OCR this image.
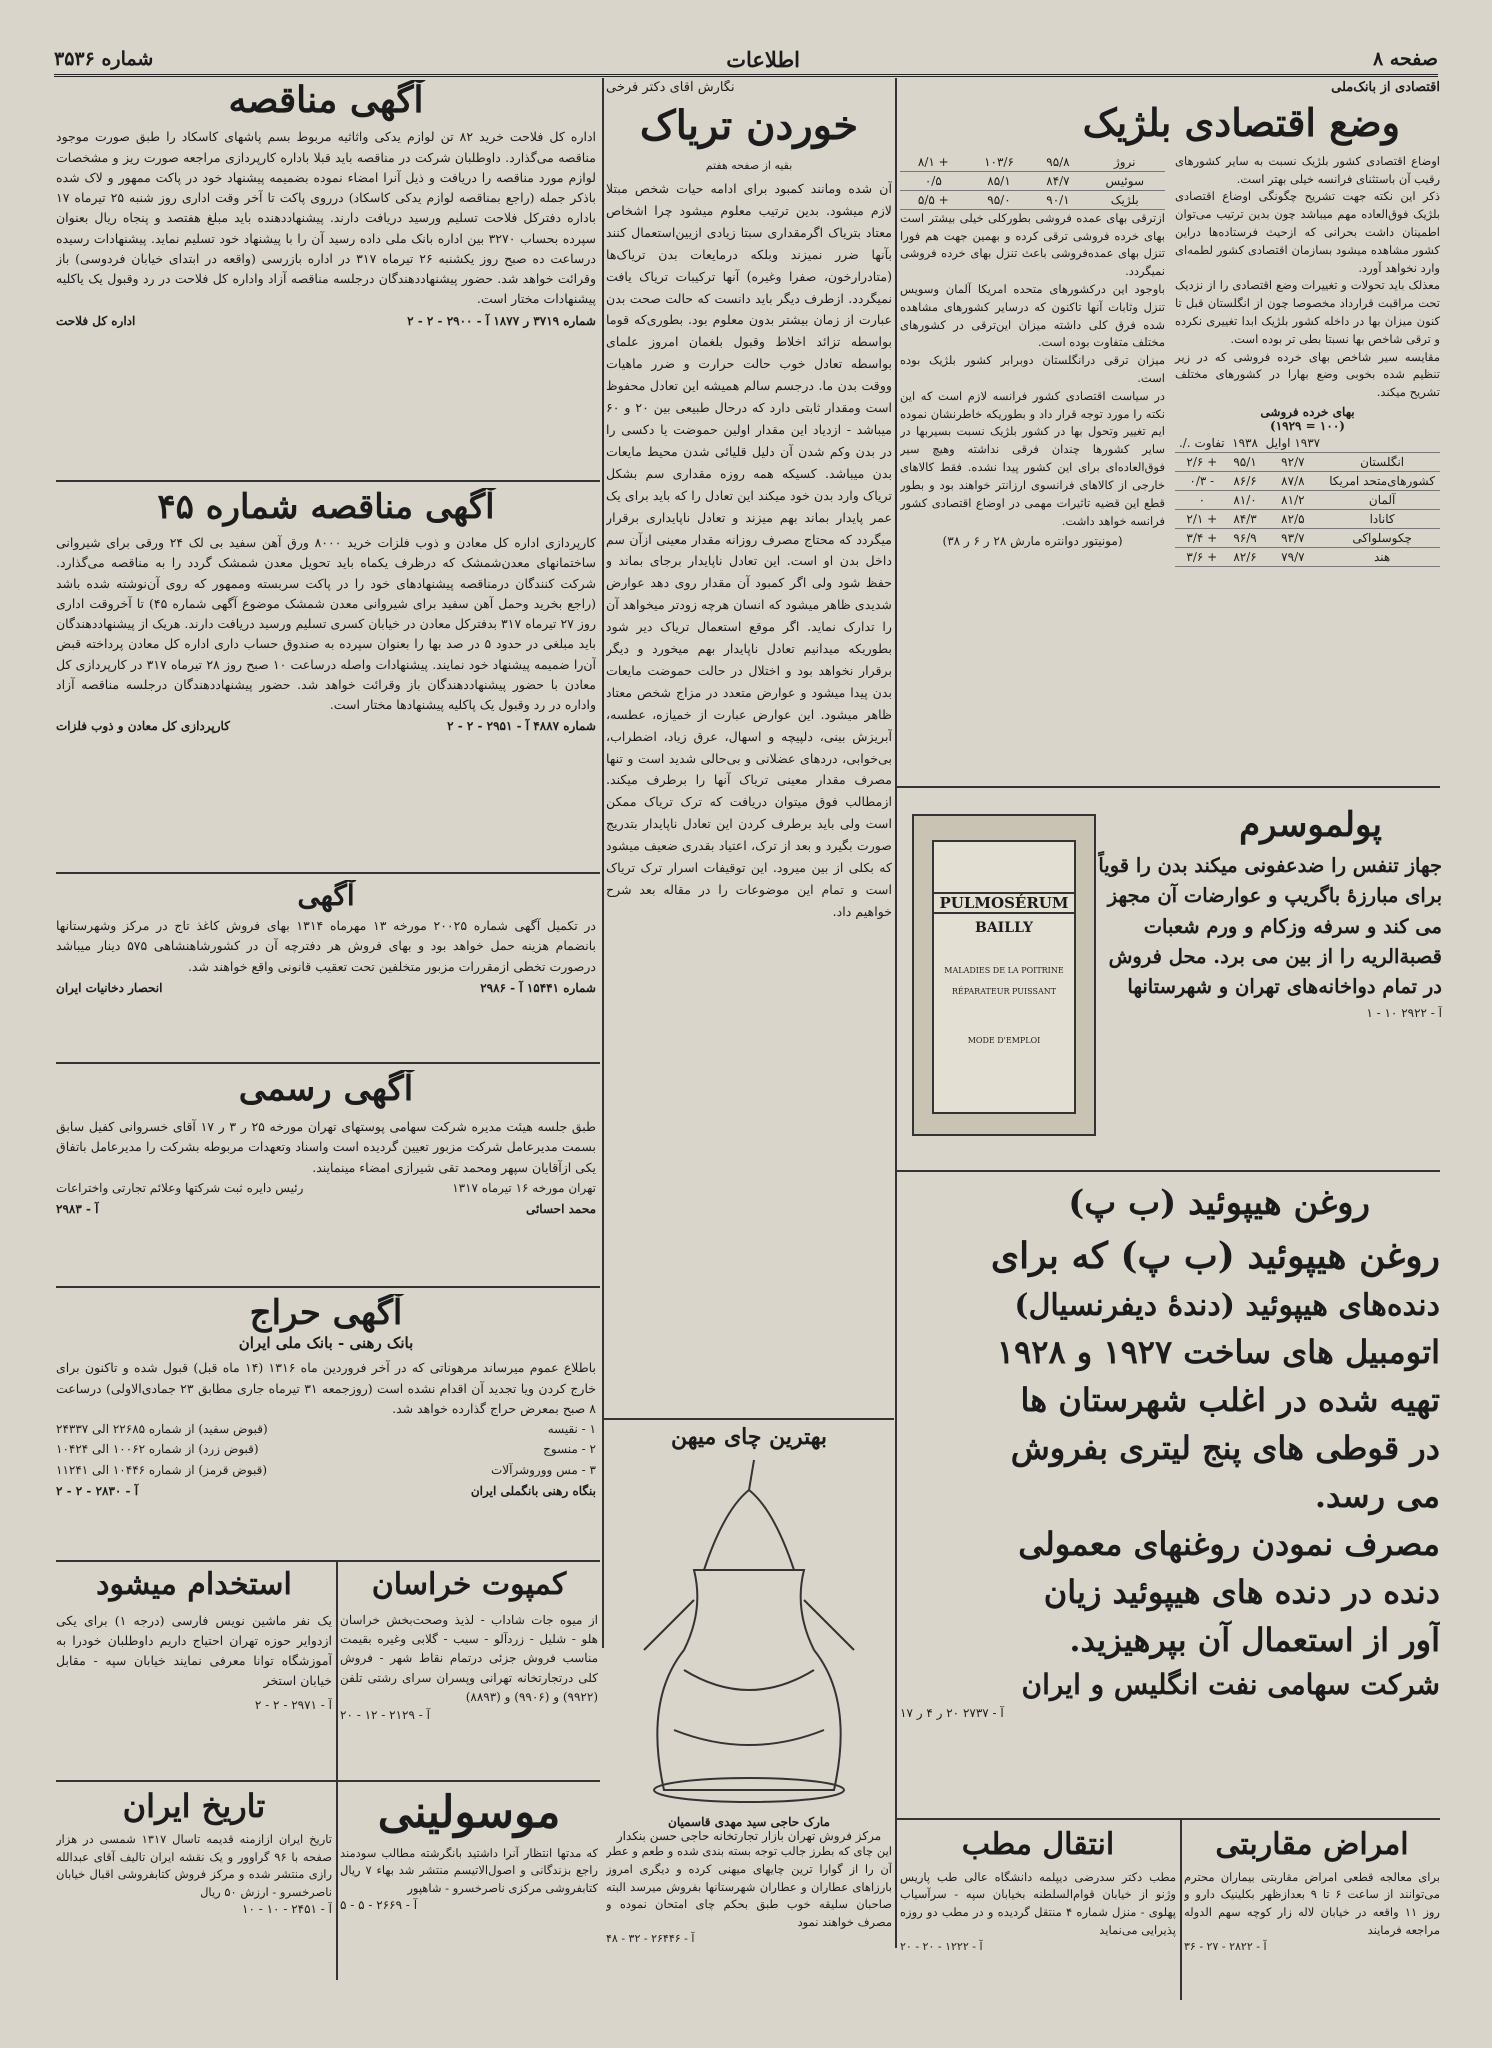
صفحه ۸
اطلاعات
شماره ۳۵۳۶
اقتصادی از بانک‌ملی
وضع اقتصادی بلژیک

اوضاع اقتصادی کشور بلژیک نسبت به سایر کشورهای رقیب آن باستثنای فرانسه خیلی بهتر است.

ذکر این نکته جهت تشریح چگونگی اوضاع اقتصادی بلژیک فوق‌العاده مهم میباشد چون بدین ترتیب می‌توان اطمینان داشت بحرانی که ازحیث فرستاده‌ها دراین کشور مشاهده میشود بسازمان اقتصادی کشور لطمه‌ای وارد نخواهد آورد.

معذلک باید تحولات و تغییرات وضع اقتصادی را از نزدیک تحت مراقبت قرارداد مخصوصا چون از انگلستان قبل تا کنون میزان بها در داخله کشور بلژیک ابدا تغییری نکرده و ترقی شاخص بها نسبتا بطی تر بوده است.

مقایسه سیر شاخص بهای خرده فروشی که در زیر تنظیم شده بخوبی وضع بهارا در کشورهای مختلف تشریح میکند.

بهای خرده فروشی
(۱۰۰ = ۱۹۲۹)
	۱۹۳۷ اوایل	۱۹۳۸	تفاوت ./.
انگلستان	۹۲/۷	۹۵/۱	+ ۲/۶
کشورهای‌متحد امریکا	۸۷/۸	۸۶/۶	- ۰/۳
آلمان	۸۱/۲	۸۱/۰	۰
کانادا	۸۲/۵	۸۴/۳	+ ۲/۱
چکوسلواکی	۹۳/۷	۹۶/۹	+ ۳/۴
هند	۷۹/۷	۸۲/۶	+ ۳/۶
نروژ	۹۵/۸	۱۰۳/۶	+ ۸/۱
سوئیس	۸۴/۷	۸۵/۱	۰/۵
بلژیک	۹۰/۱	۹۵/۰	+ ۵/۵

ازترقی بهای عمده فروشی بطورکلی خیلی بیشتر است بهای خرده فروشی ترقی کرده و بهمین جهت هم فورا تنزل بهای عمده‌فروشی باعث تنزل بهای خرده فروشی نمیگردد.

باوجود این درکشورهای متحده امریکا آلمان وسویس تنزل وثابات آنها تاکنون که درسایر کشورهای مشاهده شده فرق کلی داشته میزان این‌ترقی در کشورهای مختلف متفاوت بوده است.

میزان ترقی درانگلستان دوبرابر کشور بلژیک بوده است.

در سیاست اقتصادی کشور فرانسه لازم است که این نکته را مورد توجه قرار داد و بطوریکه خاطرنشان نموده ایم تغییر وتحول بها در کشور بلژیک نسبت بسیربها در سایر کشورها چندان فرقی نداشته وهیچ سیر فوق‌العاده‌ای برای این کشور پیدا نشده. فقط کالاهای خارجی از کالاهای فرانسوی ارزانتر خواهند بود و بطور قطع این قضیه تاثیرات مهمی در اوضاع اقتصادی کشور فرانسه خواهد داشت.

(مونیتور دوانتره مارش ۲۸ ر ۶ ر ۳۸)
پولموسرم

جهاز تنفس را ضدعفونی میکند بدن را قویاً برای مبارزهٔ باگریپ و عوارضات آن مجهز می کند و سرفه وزکام و ورم شعبات قصبة‌الریه را از بین می برد. محل فروش در تمام دواخانه‌های تهران و شهرستانها

آ - ۲۹۲۲ ۱۰ - ۱
PULMOSÉRUM
BAILLY
MALADIES DE LA POITRINE
RÉPARATEUR PUISSANT
MODE D'EMPLOI

روغن هیپوئید (ب پ)

روغن هیپوئید (ب پ) که برای

دنده‌های هیپوئید (دندهٔ دیفرنسیال)

اتومبیل های ساخت ۱۹۲۷ و ۱۹۲۸

تهیه شده در اغلب شهرستان ها

در قوطی های پنج لیتری بفروش

می رسد.

مصرف نمودن روغنهای معمولی

دنده در دنده های هیپوئید زیان

آور از استعمال آن بپرهیزید.

شرکت سهامی نفت انگلیس و ایران

آ - ۲۷۳۷ ۲۰ ر ۴ ر ۱۷
امراض مقاربتی

برای معالجه قطعی امراض مقاربتی بیماران محترم می‌توانند از ساعت ۶ تا ۹ بعدازظهر بکلینیک دارو و روز ۱۱ واقعه در خیابان لاله زار کوچه سهم الدوله مراجعه فرمایند

آ - ۲۸۲۲ - ۲۷ - ۳۶
انتقال مطب

مطب دکتر سدرضی دیپلمه دانشگاه عالی طب پاریس وژنو از خیابان قوام‌السلطنه بخیابان سپه - سرآسیاب پهلوی - منزل شماره ۴ منتقل گردیده و در مطب دو روزه پذیرایی می‌نماید

آ - ۱۲۲۲ - ۲۰ - ۲۰
نگارش آقای دکتر فرخی
خوردن تریاک
بقیه از صفحه هفتم

آن شده ومانند کمبود برای ادامه حیات شخص مبتلا لازم میشود. بدین ترتیب معلوم میشود چرا اشخاص معتاد بتریاک اگرمقداری سبتا زیادی ازیین‌استعمال کنند بآنها ضرر نمیزند وبلکه درمایعات بدن تریاک‌ها (متادرارخون، صفرا وغیره) آنها ترکیبات تریاک یافت نمیگردد. ازطرف دیگر باید دانست که حالت صحت بدن عبارت از زمان بیشتر بدون معلوم بود. بطوری‌که قوما بواسطه تزائد اخلاط وقبول بلغمان امروز علمای بواسطه تعادل خوب حالت حرارت و ضرر ماهیات ووقت بدن ما. درجسم سالم همیشه این تعادل محفوظ است ومقدار ثابتی دارد که درحال طبیعی بین ۲۰ و ۶۰ میباشد - ازدیاد این مقدار اولین حموضت یا دکسی را در بدن وکم شدن آن دلیل قلیائی شدن محیط مایعات بدن میباشد. کسیکه همه روزه مقداری سم بشکل تریاک وارد بدن خود میکند این تعادل را که باید برای یک عمر پایدار بماند بهم میزند و تعادل ناپایداری برقرار میگردد که محتاج مصرف روزانه مقدار معینی ازآن سم داخل بدن او است. این تعادل ناپایدار برجای بماند و حفظ شود ولی اگر کمبود آن مقدار روی دهد عوارض شدیدی ظاهر میشود که انسان هرچه زودتر میخواهد آن را تدارک نماید. اگر موقع استعمال تریاک دیر شود بطوریکه میدانیم تعادل ناپایدار بهم میخورد و دیگر برقرار نخواهد بود و اختلال در حالت حموضت مایعات بدن پیدا میشود و عوارض متعدد در مزاج شخص معتاد ظاهر میشود. این عوارض عبارت از خمیازه، عطسه، آبریزش بینی، دلپیچه و اسهال، عرق زیاد، اضطراب، بی‌خوابی، دردهای عضلانی و بی‌حالی شدید است و تنها مصرف مقدار معینی تریاک آنها را برطرف میکند. ازمطالب فوق میتوان دریافت که ترک تریاک ممکن است ولی باید برطرف کردن این تعادل ناپایدار بتدریج صورت بگیرد و بعد از ترک، اعتیاد بقدری ضعیف میشود که بکلی از بین میرود. این توقیفات اسرار ترک تریاک است و تمام این موضوعات را در مقاله بعد شرح خواهیم داد.

بهترین چای میهن
مارک حاجی سید مهدی قاسمیان
مرکز فروش تهران بازار تجارتخانه حاجی حسن بنکدار

این چای که بطرز جالب توجه بسته بندی شده و طعم و عطر آن را از گوارا ترین چایهای میهنی کرده و دیگری امروز بارزاهای عطاران و عطاران شهرستانها بفروش میرسد البته صاحبان سلیقه خوب طبق بحکم چای امتحان نموده و مصرف خواهند نمود

آ - ۲۶۴۴۶ - ۳۲ - ۴۸
آگهی مناقصه

اداره کل فلاحت خرید ۸۲ تن لوازم یدکی واثاثیه مربوط بسم پاشهای کاسکاد را طبق صورت موجود مناقصه می‌گذارد. داوطلبان شرکت در مناقصه باید قبلا باداره کارپردازی مراجعه صورت ریز و مشخصات لوازم مورد مناقصه را دریافت و ذیل آنرا امضاء نموده بضمیمه پیشنهاد خود در پاکت ممهور و لاک شده باذکر جمله (راجع بمناقصه لوازم یدکی کاسکاد) درروی پاکت تا آخر وقت اداری روز شنبه ۲۵ تیرماه ۱۷ باداره دفترکل فلاحت تسلیم ورسید دریافت دارند. پیشنهاددهنده باید مبلغ هفتصد و پنجاه ریال بعنوان سپرده بحساب ۳۲۷۰ بین اداره بانک ملی داده رسید آن را با پیشنهاد خود تسلیم نماید. پیشنهادات رسیده درساعت ده صبح روز یکشنبه ۲۶ تیرماه ۳۱۷ در اداره بازرسی (واقعه در ابتدای خیابان فردوسی) باز وقرائت خواهد شد. حضور پیشنهاددهندگان درجلسه مناقصه آزاد واداره کل فلاحت در رد وقبول یک یاکلیه پیشنهادات مختار است.

شماره ۳۷۱۹ ر ۱۸۷۷ آ - ۲۹۰۰ - ۲ - ۲
اداره کل فلاحت
آگهی مناقصه شماره ۴۵

کارپردازی اداره کل معادن و ذوب فلزات خرید ۸۰۰۰ ورق آهن سفید بی لک ۲۴ ورقی برای شیروانی ساختمانهای معدن‌شمشک که درظرف یکماه باید تحویل معدن شمشک گردد را به مناقصه می‌گذارد. شرکت کنندگان درمناقصه پیشنهادهای خود را در پاکت سربسته وممهور که روی آن‌نوشته شده باشد (راجع بخرید وحمل آهن سفید برای شیروانی معدن شمشک موضوع آگهی شماره ۴۵) تا آخروقت اداری روز ۲۷ تیرماه ۳۱۷ بدفترکل معادن در خیابان کسری تسلیم ورسید دریافت دارند. هریک از پیشنهاددهندگان باید مبلغی در حدود ۵ در صد بها را بعنوان سپرده به صندوق حساب داری اداره کل معادن پرداخته قبض آن‌را ضمیمه پیشنهاد خود نمایند. پیشنهادات واصله درساعت ۱۰ صبح روز ۲۸ تیرماه ۳۱۷ در کارپردازی کل معادن با حضور پیشنهاددهندگان باز وقرائت خواهد شد. حضور پیشنهاددهندگان درجلسه مناقصه آزاد واداره در رد وقبول یک پاکلیه پیشنهادها مختار است.

شماره ۴۸۸۷ آ - ۲۹۵۱ - ۲ - ۲
کارپردازی کل معادن و ذوب فلزات
آگهی

در تکمیل آگهی شماره ۲۰۰۲۵ مورخه ۱۳ مهرماه ۱۳۱۴ بهای فروش کاغذ تاج در مرکز وشهرستانها بانضمام هزینه حمل خواهد بود و بهای فروش هر دفترچه آن در کشورشاهنشاهی ۵۷۵ دینار میباشد درصورت تخطی ازمقررات مزبور متخلفین تحت تعقیب قانونی واقع خواهند شد.

شماره ۱۵۴۴۱ آ - ۲۹۸۶
انحصار دخانیات ایران
آگهی رسمی

طبق جلسه هیئت مدیره شرکت سهامی پوستهای تهران مورخه ۲۵ ر ۳ ر ۱۷ آقای خسروانی کفیل سابق بسمت مدیرعامل شرکت مزبور تعیین گردیده است واسناد وتعهدات مربوطه بشرکت را مدیرعامل باتفاق یکی ازآقایان سپهر ومحمد تقی شیرازی امضاء مینمایند.

تهران مورخه ۱۶ تیرماه ۱۳۱۷
رئیس دایره ثبت شرکتها وعلائم تجارتی واختراعات
محمد احسائی
آ - ۲۹۸۳
آگهی حراج
بانک رهنی - بانک ملی ایران

باطلاع عموم میرساند مرهوناتی که در آخر فروردین ماه ۱۳۱۶ (۱۴ ماه قبل) قبول شده و تاکنون برای خارج کردن ویا تجدید آن اقدام نشده است (روزجمعه ۳۱ تیرماه جاری مطابق ۲۳ جمادی‌الاولی) درساعت ۸ صبح بمعرض حراج گذارده خواهد شد.

۱ - نقیسه
(قبوض سفید) از شماره ۲۲۶۸۵ الی ۲۴۳۳۷
۲ - منسوج
(قبوض زرد) از شماره ۱۰۰۶۲ الی ۱۰۴۲۴
۳ - مس ووروشرآلات
(قبوض قرمز) از شماره ۱۰۴۴۶ الی ۱۱۲۴۱
بنگاه رهنی بانگملی ایران
آ - ۲۸۳۰ - ۲ - ۲
استخدام میشود

یک نفر ماشین نویس فارسی (درجه ۱) برای یکی ازدوایر حوزه تهران احتیاج داریم داوطلبان خودرا به آموزشگاه توانا معرفی نمایند خیابان سپه - مقابل خیابان استخر

آ - ۲۹۷۱ - ۲ - ۲
کمپوت خراسان

از میوه جات شاداب - لذیذ وصحت‌بخش خراسان هلو - شلیل - زردآلو - سیب - گلابی وغیره بقیمت مناسب فروش جزئی درتمام نقاط شهر - فروش کلی درتجارتخانه تهرانی وپسران سرای رشتی تلفن (۹۹۲۲) و (۹۹۰۶) و (۸۸۹۳)

آ - ۲۱۲۹ - ۱۲ - ۲۰
تاریخ ایران

تاریخ ایران ازازمنه قدیمه تاسال ۱۳۱۷ شمسی در هزار صفحه با ۹۶ گراوور و یک نقشه ایران تالیف آقای عبدالله رازی منتشر شده و مرکز فروش کتابفروشی اقبال خیابان ناصرخسرو - ارزش ۵۰ ریال

آ - ۲۴۵۱ - ۱۰ - ۱۰
موسولینی

که مدتها انتظار آنرا داشتید بانگرشته مطالب سودمند راجع بزندگانی و اصول‌الاتیسم منتشر شد بهاء ۷ ریال کتابفروشی مرکزی ناصرخسرو - شاهپور

آ - ۲۶۶۹ - ۵ - ۵
